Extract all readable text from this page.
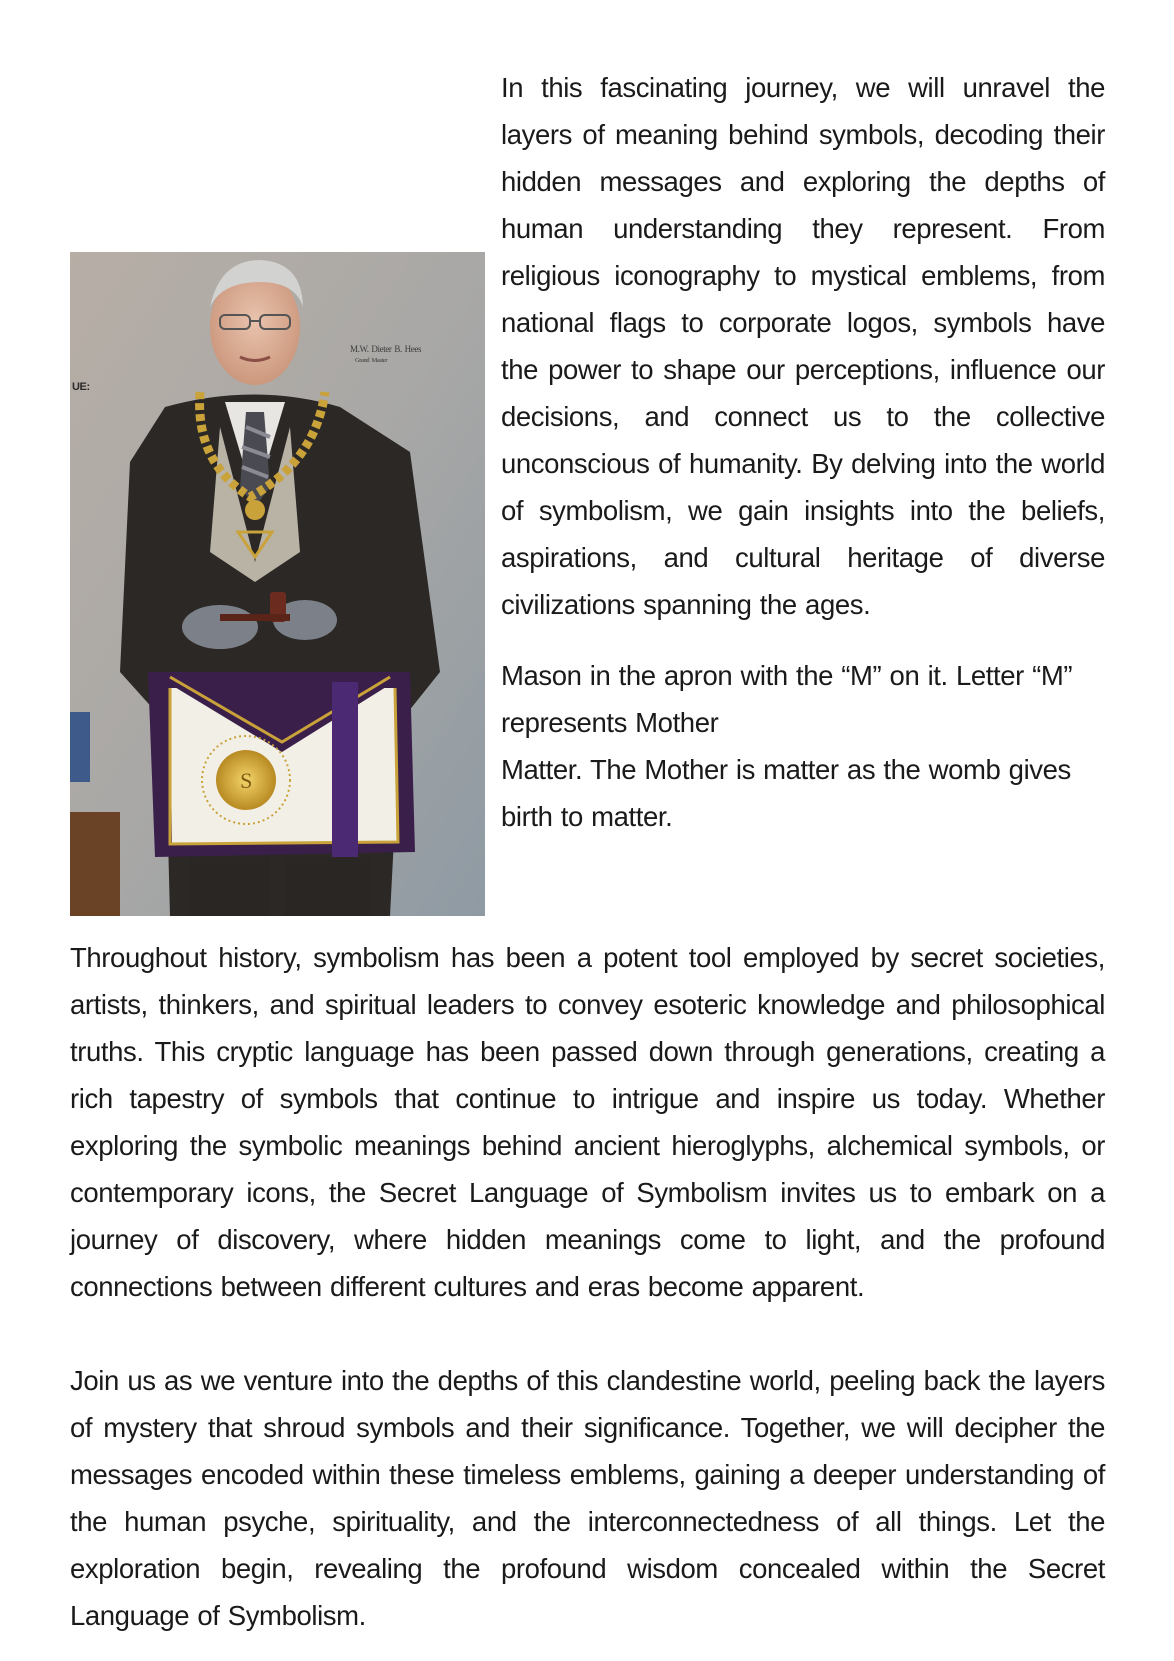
M.W. Dieter B. Hees
Grand Master
UE:
S

In this fascinating journey, we will unravel the layers of meaning behind symbols, decoding their hidden messages and exploring the depths of human understanding they represent. From religious iconography to mystical emblems, from national flags to corporate logos, symbols have the power to shape our perceptions, influence our decisions, and connect us to the collective unconscious of humanity. By delving into the world of symbolism, we gain insights into the beliefs, aspirations, and cultural heritage of diverse civilizations spanning the ages.

Mason in the apron with the “M” on it. Letter “M” represents Mother
Matter. The Mother is matter as the womb gives birth to matter.

Throughout history, symbolism has been a potent tool employed by secret societies, artists, thinkers, and spiritual leaders to convey esoteric knowledge and philosophical truths. This cryptic language has been passed down through generations, creating a rich tapestry of symbols that continue to intrigue and inspire us today. Whether exploring the symbolic meanings behind ancient hieroglyphs, alchemical symbols, or contemporary icons, the Secret Language of Symbolism invites us to embark on a journey of discovery, where hidden meanings come to light, and the profound connections between different cultures and eras become apparent.

Join us as we venture into the depths of this clandestine world, peeling back the layers of mystery that shroud symbols and their significance. Together, we will decipher the messages encoded within these timeless emblems, gaining a deeper understanding of the human psyche, spirituality, and the interconnectedness of all things. Let the exploration begin, revealing the profound wisdom concealed within the Secret Language of Symbolism.
